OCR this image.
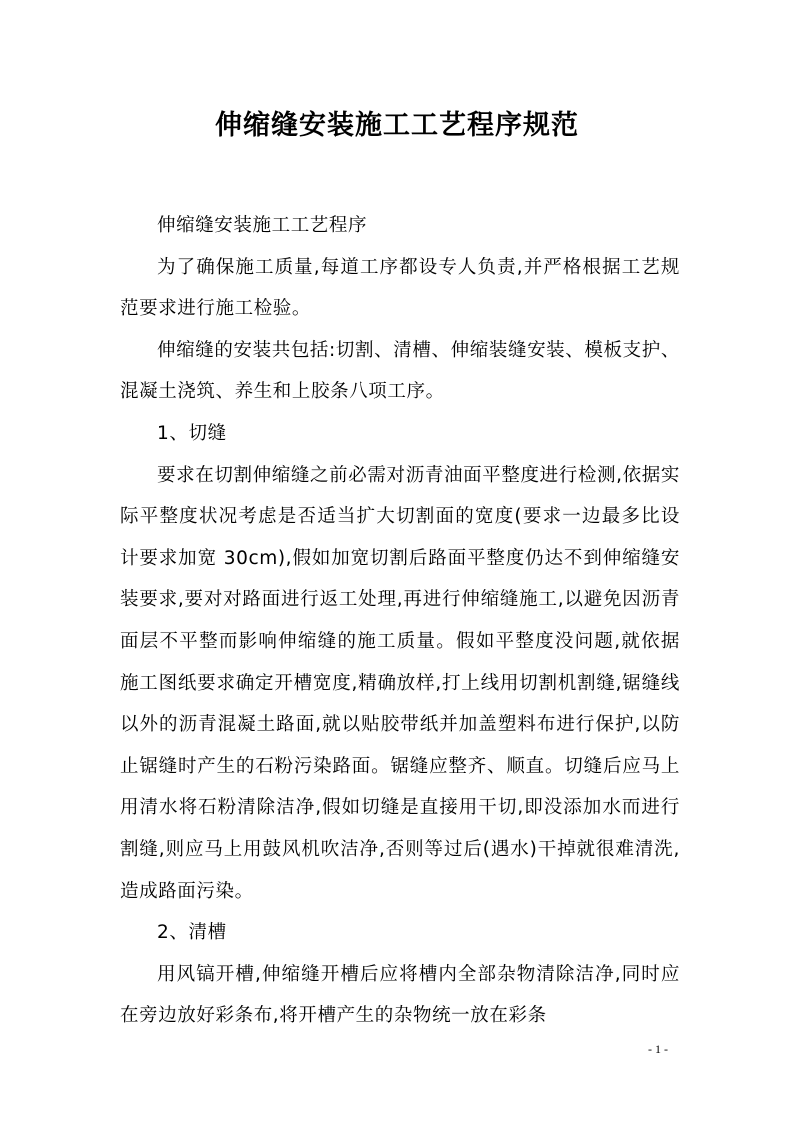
伸缩缝安装施工工艺程序规范

伸缩缝安装施工工艺程序

为了确保施工质量,每道工序都设专人负责,并严格根据工艺规范要求进行施工检验。

伸缩缝的安装共包括:切割、清槽、伸缩装缝安装、模板支护、混凝土浇筑、养生和上胶条八项工序。

1、切缝

要求在切割伸缩缝之前必需对沥青油面平整度进行检测,依据实际平整度状况考虑是否适当扩大切割面的宽度(要求一边最多比设计要求加宽 30cm),假如加宽切割后路面平整度仍达不到伸缩缝安装要求,要对对路面进行返工处理,再进行伸缩缝施工,以避免因沥青面层不平整而影响伸缩缝的施工质量。假如平整度没问题,就依据施工图纸要求确定开槽宽度,精确放样,打上线用切割机割缝,锯缝线以外的沥青混凝土路面,就以贴胶带纸并加盖塑料布进行保护,以防止锯缝时产生的石粉污染路面。锯缝应整齐、顺直。切缝后应马上用清水将石粉清除洁净,假如切缝是直接用干切,即没添加水而进行割缝,则应马上用鼓风机吹洁净,否则等过后(遇水)干掉就很难清洗,造成路面污染。

2、清槽

用风镐开槽,伸缩缝开槽后应将槽内全部杂物清除洁净,同时应在旁边放好彩条布,将开槽产生的杂物统一放在彩条

- 1 -
